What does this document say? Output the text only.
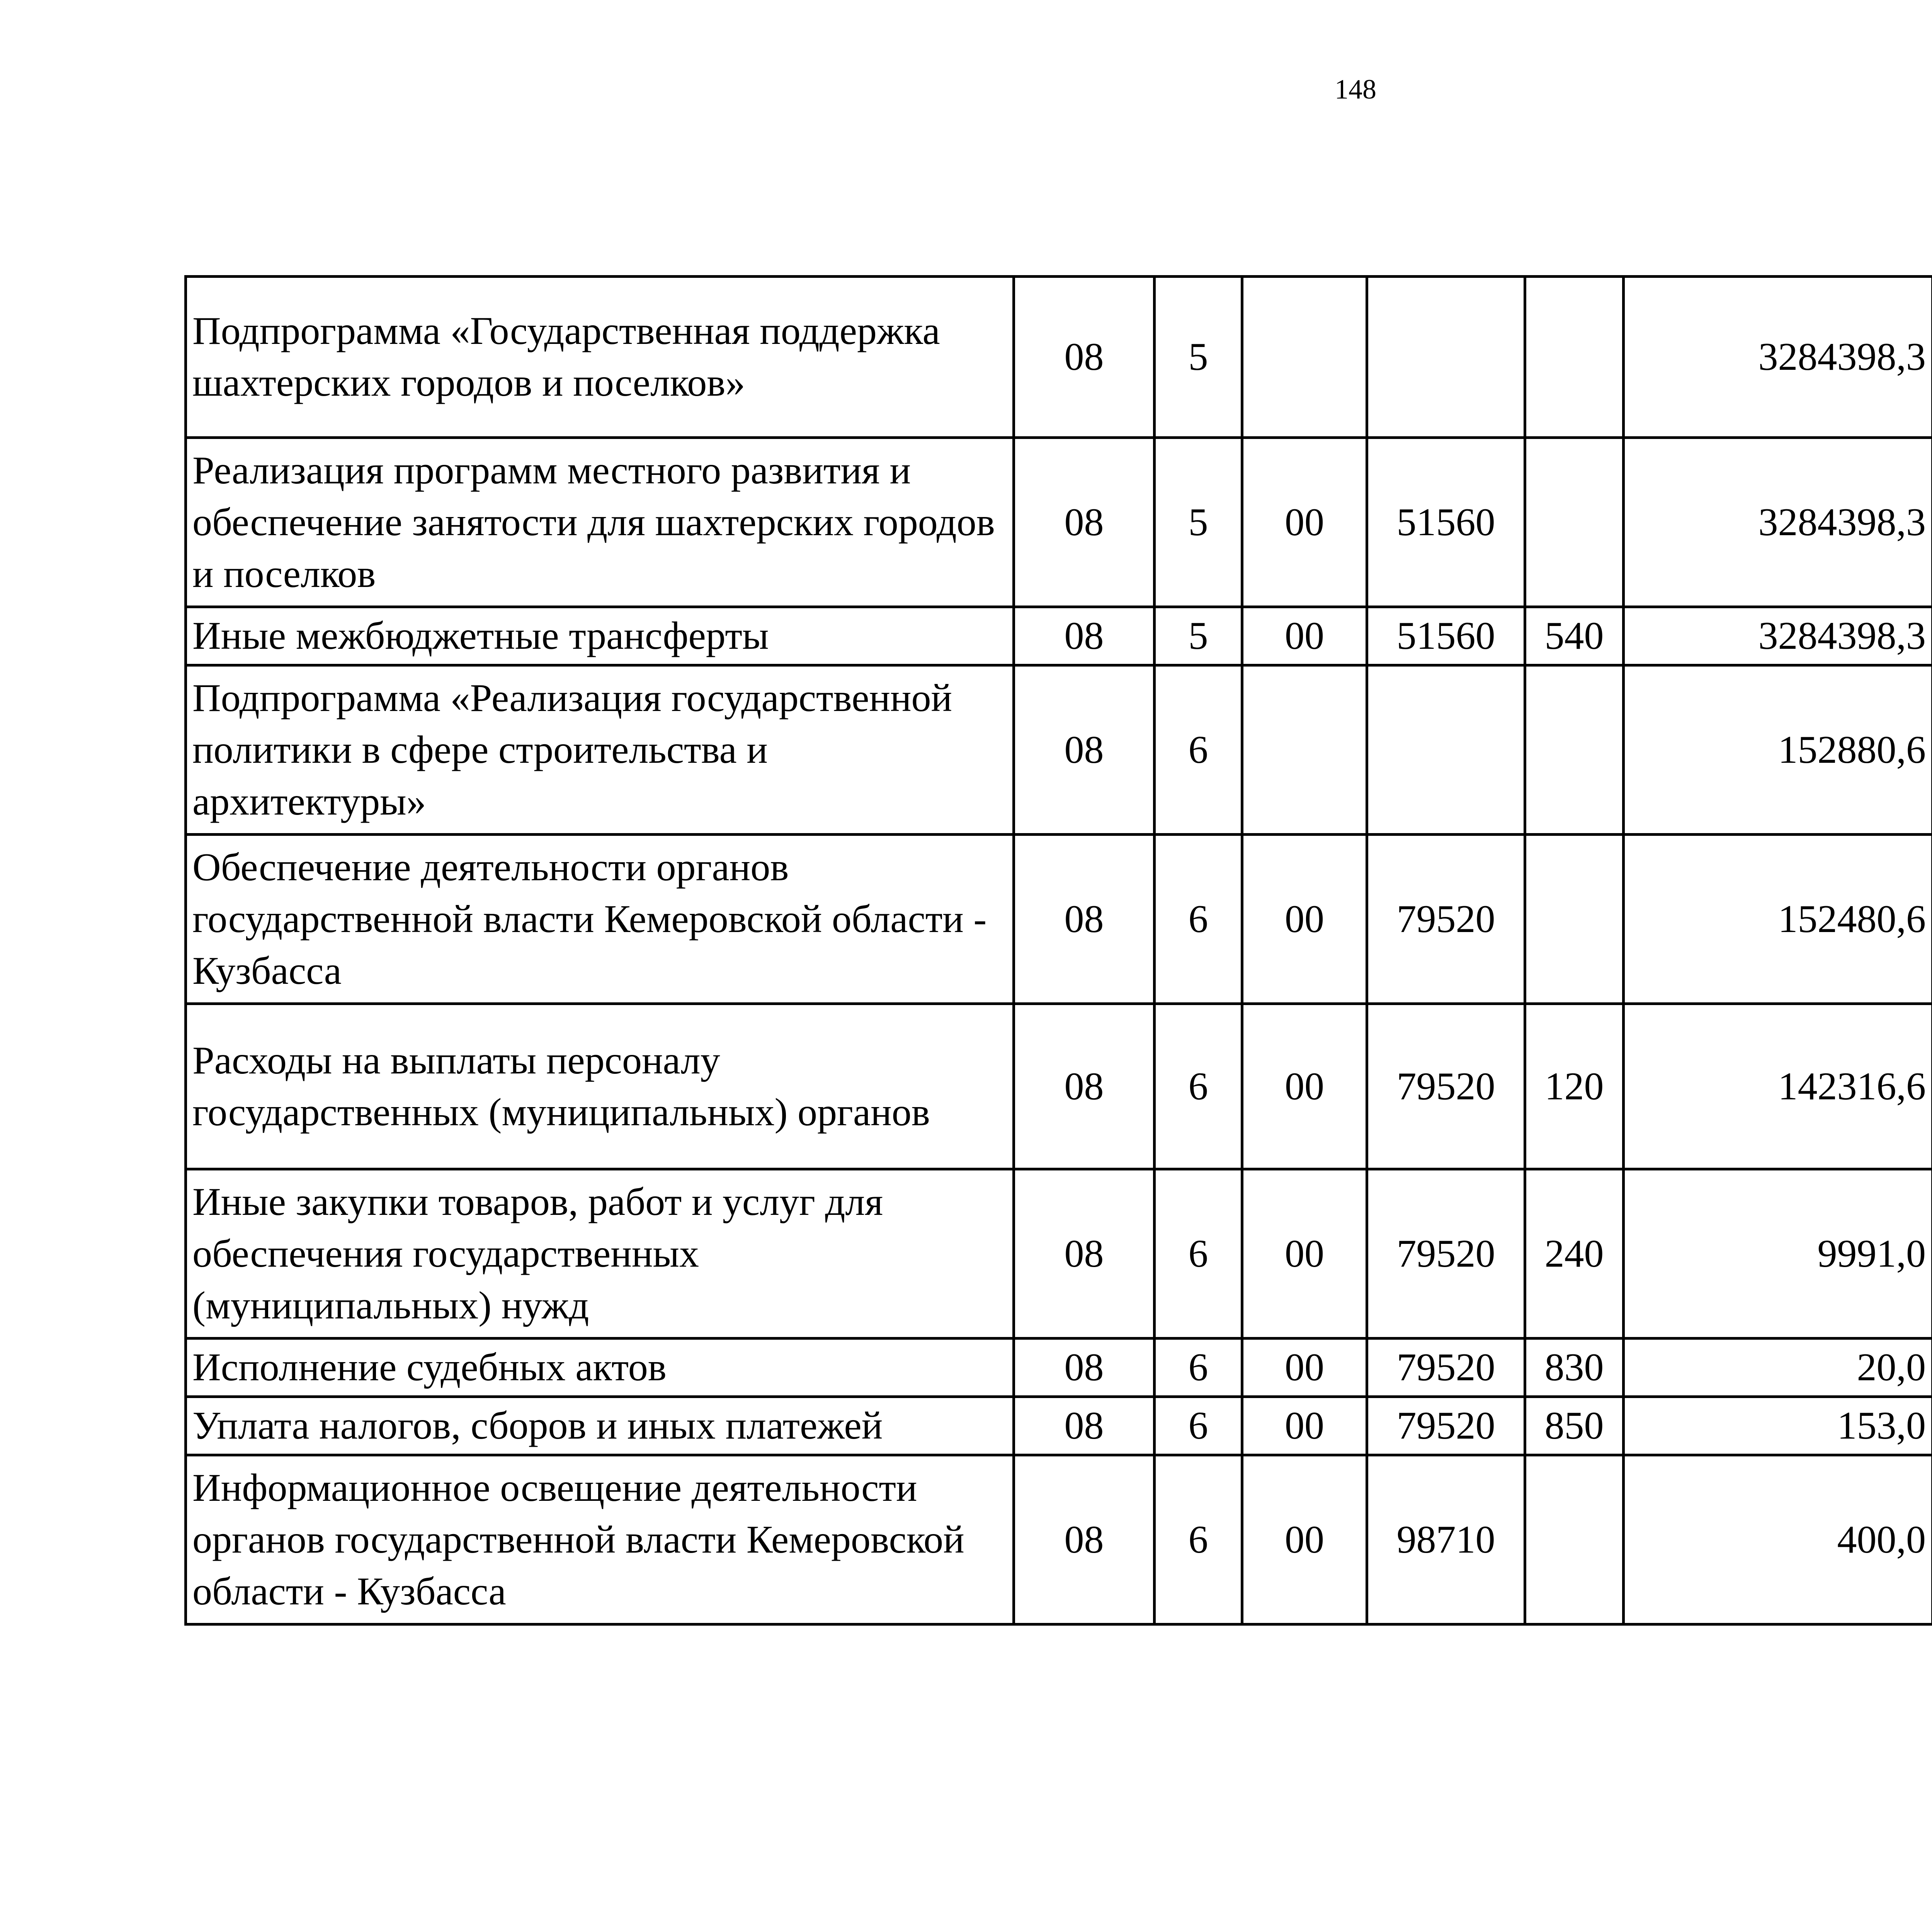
148
Подпрограмма «Государственная поддержка шахтерских городов и поселков»	08	5				3284398,3		
Реализация программ местного развития и обеспечение занятости для шахтерских городов и поселков	08	5	00	51560		3284398,3		
Иные межбюджетные трансферты	08	5	00	51560	540	3284398,3		
Подпрограмма «Реализация государственной политики в сфере строительства и архитектуры»	08	6				152880,6		
Обеспечение деятельности органов государственной власти Кемеровской области - Кузбасса	08	6	00	79520		152480,6		
Расходы на выплаты персоналу государственных (муниципальных) органов	08	6	00	79520	120	142316,6		
Иные закупки товаров, работ и услуг для обеспечения государственных (муниципальных) нужд	08	6	00	79520	240	9991,0		
Исполнение судебных актов	08	6	00	79520	830	20,0		
Уплата налогов, сборов и иных платежей	08	6	00	79520	850	153,0		
Информационное освещение деятельности органов государственной власти Кемеровской области - Кузбасса	08	6	00	98710		400,0		
